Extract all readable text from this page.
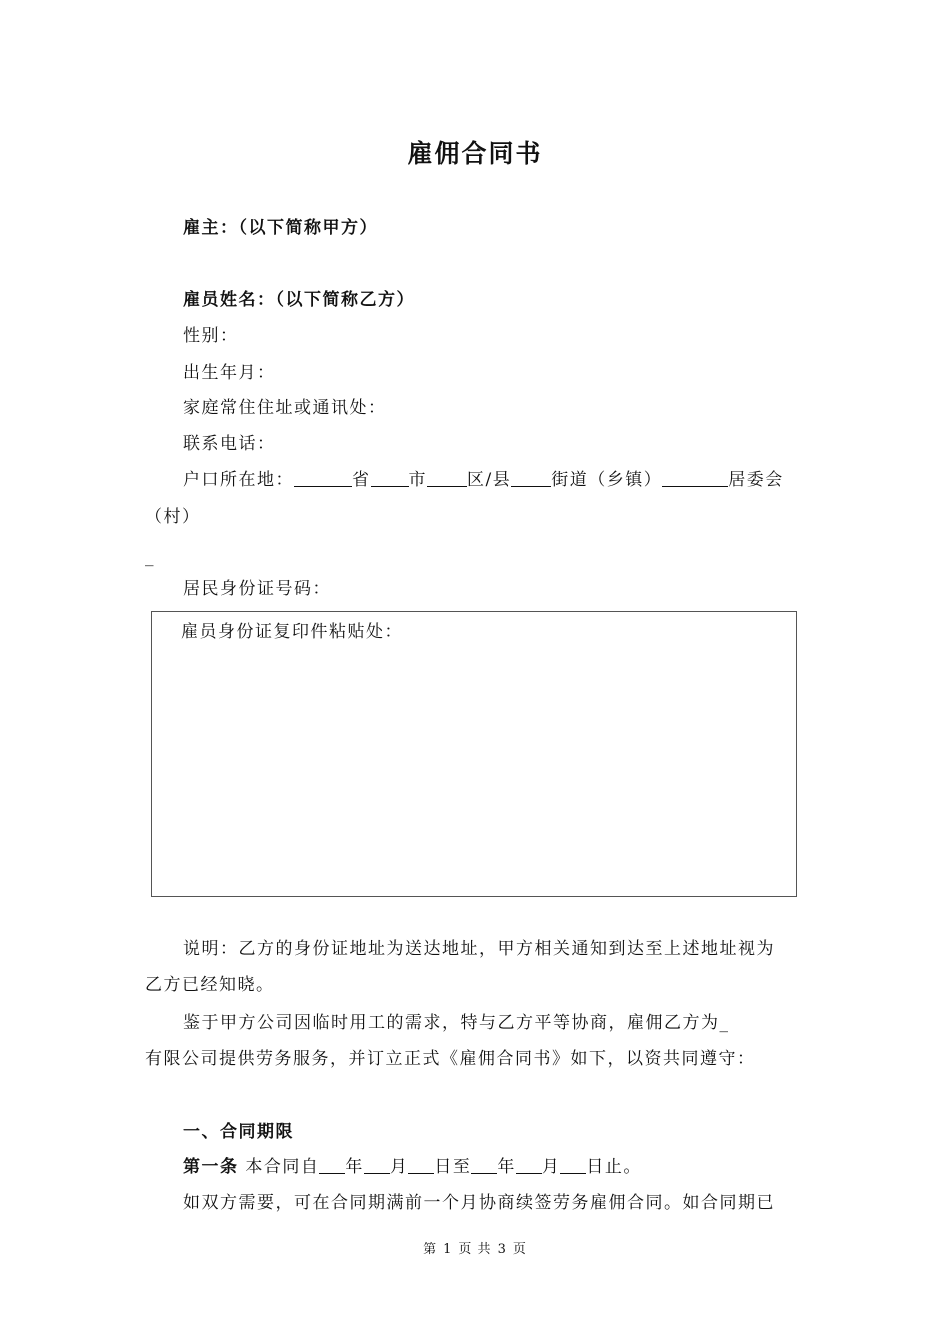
雇佣合同书
雇主：（以下简称甲方）
雇员姓名：（以下简称乙方）
性别：
出生年月：
家庭常住住址或通讯处：
联系电话：
户口所在地：	省 市 区/县 街道（乡镇）	居委会
（村）
_
居民身份证号码：
雇员身份证复印件粘贴处：
说明：乙方的身份证地址为送达地址，甲方相关通知到达至上述地址视为
乙方已经知晓。
鉴于甲方公司因临时用工的需求，特与乙方平等协商，雇佣乙方为_
有限公司提供劳务服务，并订立正式《雇佣合同书》如下，以资共同遵守：
一、合同期限
第一条 本合同自 年 月 日至 年 月 日止。
如双方需要，可在合同期满前一个月协商续签劳务雇佣合同。如合同期已
第 1 页 共 3 页
